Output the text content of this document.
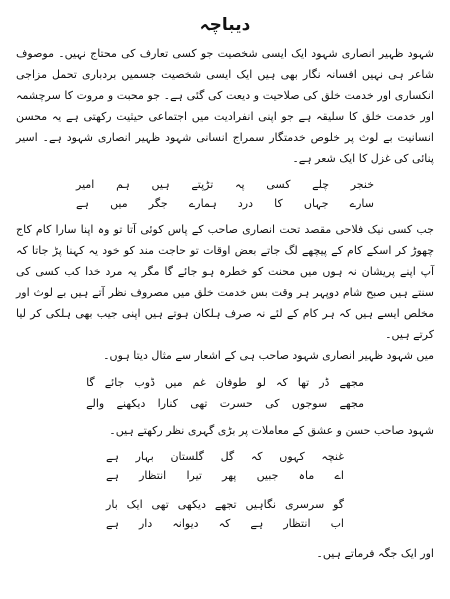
دیباچہ

شہود ظہیر انصاری شہود ایک ایسی شخصیت جو کسی تعارف کی محتاج نہیں۔ موصوف شاعر ہی نہیں افسانہ نگار بھی ہیں ایک ایسی شخصیت جسمیں بردباری تحمل مزاجی انکساری اور خدمت خلق کی صلاحیت و دیعت کی گئی ہے۔ جو محبت و مروت کا سرچشمہ اور خدمت خلق کا سلیقہ ہے جو اپنی انفرادیت میں اجتماعی حیثیت رکھتی ہے یہ محسن انسانیت بے لوث پر خلوص خدمتگار سمراج انسانی شہود ظہیر انصاری شہود ہے۔ اسیر پنائی کی غزل کا ایک شعر ہے۔

خنجر
چلے
کسی
پہ
تڑپتے
ہیں
ہم
امیر
سارے
جہاں
کا
درد
ہمارے
جگر
میں
ہے

جب کسی نیک فلاحی مقصد تحت انصاری صاحب کے پاس کوئی آتا تو وہ اپنا سارا کام کاج چھوڑ کر اسکے کام کے پیچھے لگ جاتے بعض اوقات تو حاجت مند کو خود یہ کہنا پڑ جاتا کہ آپ اپنے پریشان نہ ہوں میں محنت کو خطرہ ہو جائے گا مگر یہ مرد خدا کب کسی کی سنتے ہیں صبح شام دوپہر ہر وقت بس خدمت خلق میں مصروف نظر آتے ہیں بے لوث اور مخلص ایسے ہیں کہ ہر کام کے لئے نہ صرف ہلکان ہوتے ہیں اپنی جیب بھی ہلکی کر لیا کرتے ہیں۔

میں شہود ظہیر انصاری شہود صاحب ہی کے اشعار سے مثال دیتا ہوں۔

مجھے
ڈر
تھا
کہ
لو
طوفان
غم
میں
ڈوب
جائے
گا
مجھے
سوجوں
کی
حسرت
تھی
کنارا
دیکھنے
والے

شہود صاحب حسن و عشق کے معاملات پر بڑی گہری نظر رکھتے ہیں۔

غنچہ
کہوں
کہ
گل
گلستان
بہار
ہے
اے
ماہ
جبیں
پھر
تیرا
انتظار
ہے
گو
سرسری
نگاہیں
تجھے
دیکھی
تھی
ایک
بار
اب
انتظار
ہے
کہ
دیوانہ
دار
ہے

اور ایک جگہ فرماتے ہیں۔
